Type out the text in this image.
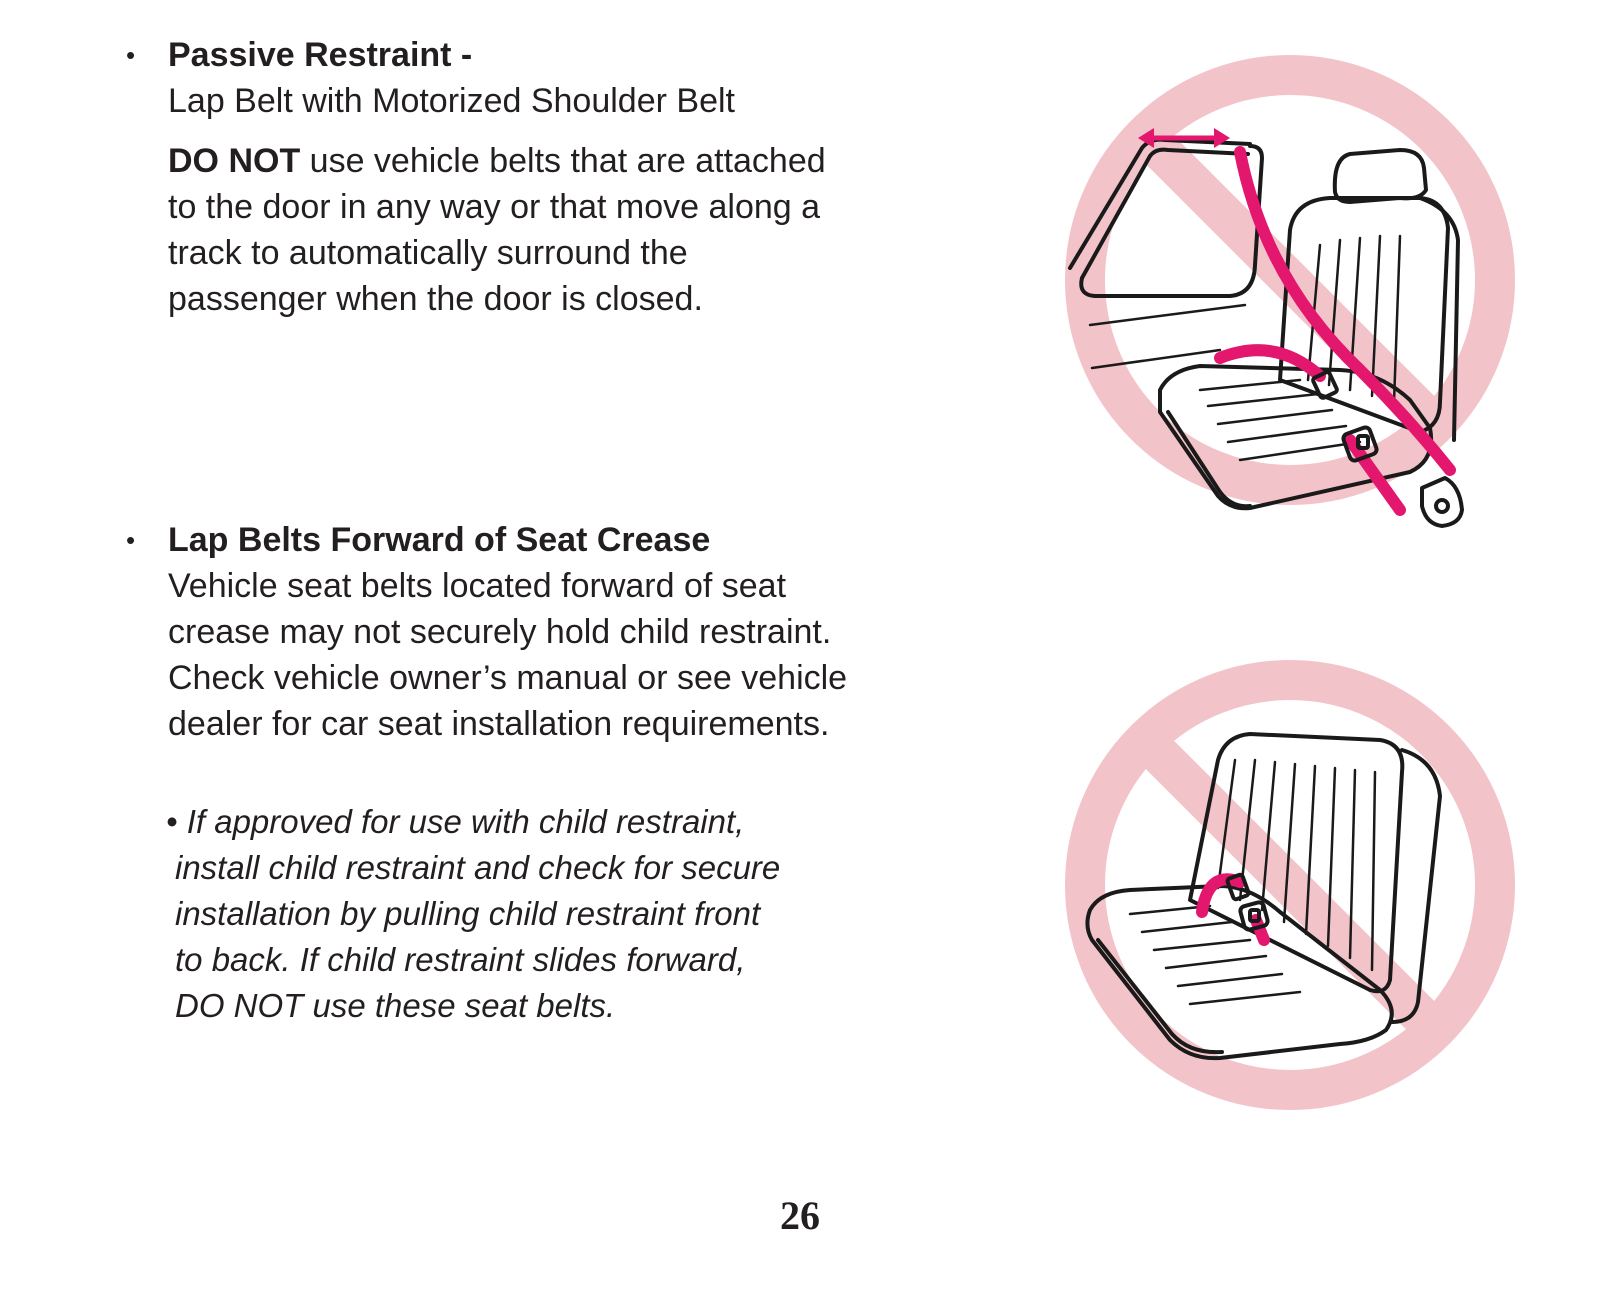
• Passive Restraint -
Lap Belt with Motorized Shoulder Belt
DO NOT use vehicle belts that are attached
to the door in any way or that move along a
track to automatically surround the
passenger when the door is closed.
• Lap Belts Forward of Seat Crease
Vehicle seat belts located forward of seat
crease may not securely hold child restraint.
Check vehicle owner’s manual or see vehicle
dealer for car seat installation requirements.
• If approved for use with child restraint,
install child restraint and check for secure
installation by pulling child restraint front
to back. If child restraint slides forward,
DO NOT use these seat belts.
26
